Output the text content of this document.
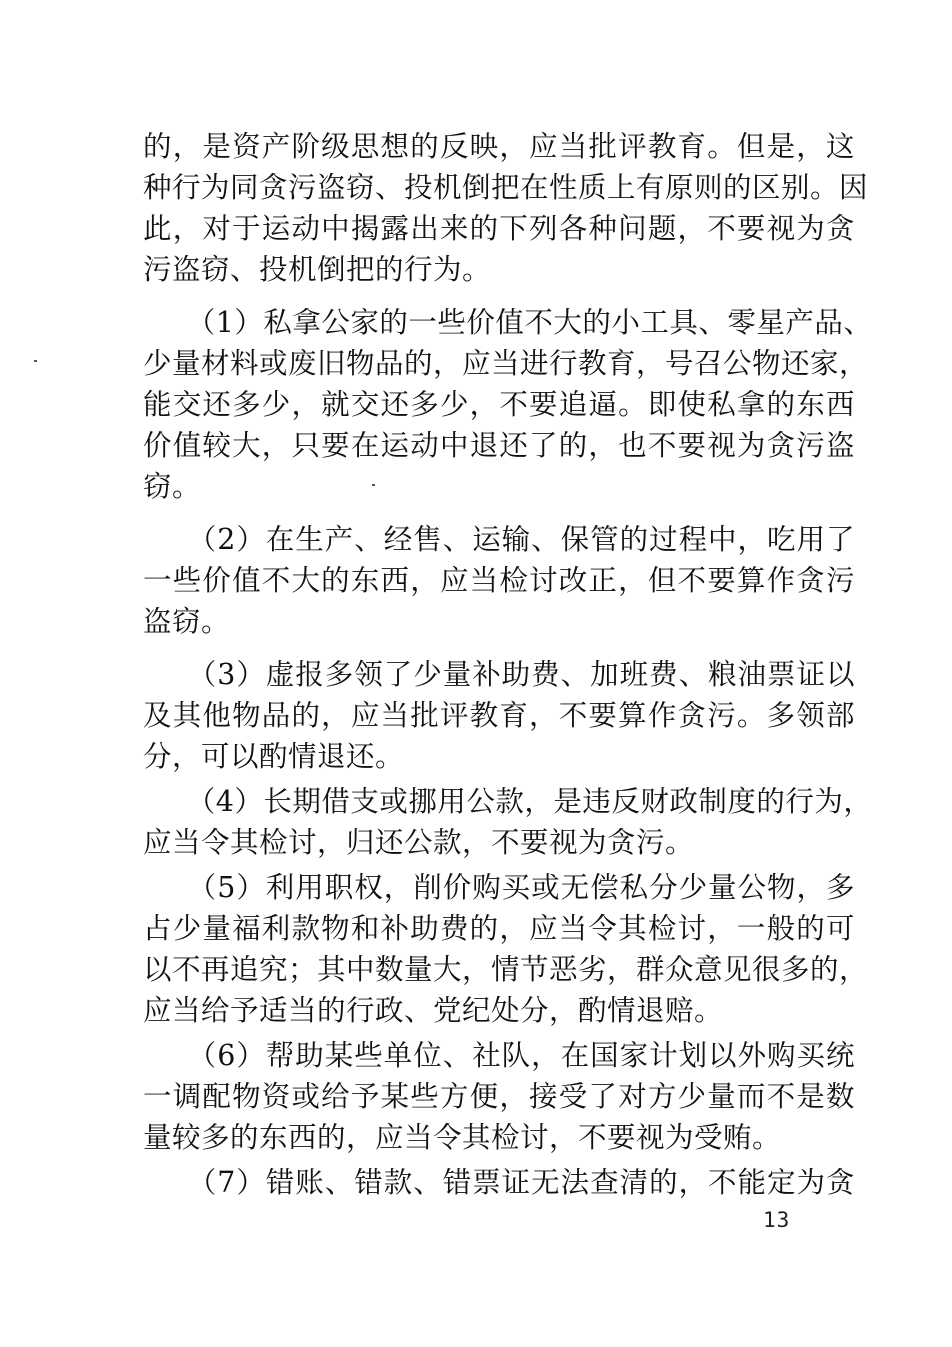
的，是资产阶级思想的反映，应当批评教育。但是，这
种行为同贪污盗窃、投机倒把在性质上有原则的区别。因
此，对于运动中揭露出来的下列各种问题，不要视为贪
污盗窃、投机倒把的行为。
　　（1）私拿公家的一些价值不大的小工具、零星产品、
少量材料或废旧物品的，应当进行教育，号召公物还家，
能交还多少，就交还多少，不要追逼。即使私拿的东西
价值较大，只要在运动中退还了的，也不要视为贪污盗
窃。
　　（2）在生产、经售、运输、保管的过程中，吃用了
一些价值不大的东西，应当检讨改正，但不要算作贪污
盗窃。
　　（3）虚报多领了少量补助费、加班费、粮油票证以
及其他物品的，应当批评教育，不要算作贪污。多领部
分，可以酌情退还。
　　（4）长期借支或挪用公款，是违反财政制度的行为，
应当令其检讨，归还公款，不要视为贪污。
　　（5）利用职权，削价购买或无偿私分少量公物，多
占少量福利款物和补助费的，应当令其检讨，一般的可
以不再追究；其中数量大，情节恶劣，群众意见很多的，
应当给予适当的行政、党纪处分，酌情退赔。
　　（6）帮助某些单位、社队，在国家计划以外购买统
一调配物资或给予某些方便，接受了对方少量而不是数
量较多的东西的，应当令其检讨，不要视为受贿。
　　（7）错账、错款、错票证无法查清的，不能定为贪
13
